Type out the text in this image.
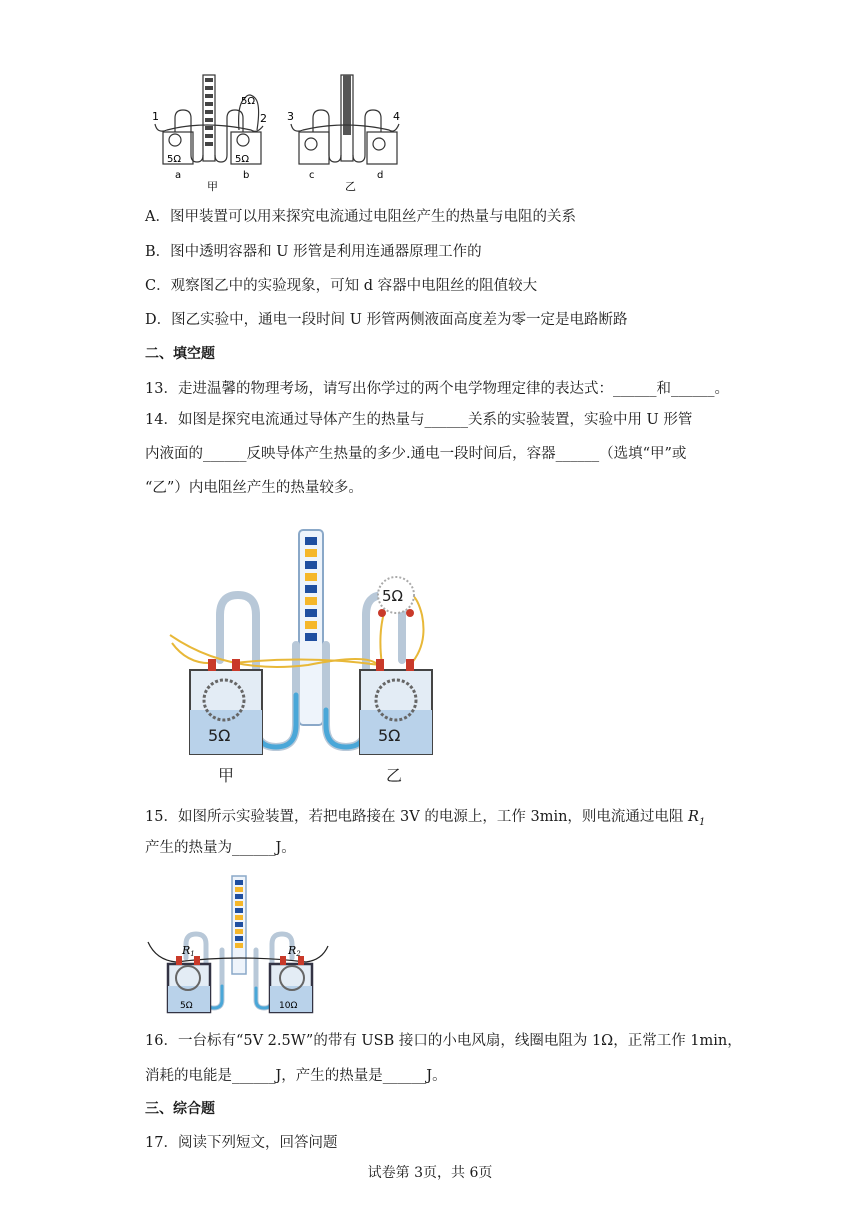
1	2
5Ω
5Ω	5Ω
a	b
甲
3	4
c	d
乙
A．图甲装置可以用来探究电流通过电阻丝产生的热量与电阻的关系
B．图中透明容器和 U 形管是利用连通器原理工作的
C．观察图乙中的实验现象，可知 d 容器中电阻丝的阻值较大
D．图乙实验中，通电一段时间 U 形管两侧液面高度差为零一定是电路断路
二、填空题
13．走进温馨的物理考场，请写出你学过的两个电学物理定律的表达式：______和______。
14．如图是探究电流通过导体产生的热量与______关系的实验装置，实验中用 U 形管
内液面的______反映导体产生热量的多少.通电一段时间后，容器______（选填“甲”或
“乙”）内电阻丝产生的热量较多。
5Ω
5Ω	5Ω
甲	乙
15．如图所示实验装置，若把电路接在 3V 的电源上，工作 3min，则电流通过电阻 $R_1$
产生的热量为______J。
R1	R2
5Ω	10Ω
16．一台标有“5V 2.5W”的带有 USB 接口的小电风扇，线圈电阻为 1Ω，正常工作 1min，
消耗的电能是______J，产生的热量是______J。
三、综合题
17．阅读下列短文，回答问题
试卷第 3页，共 6页
